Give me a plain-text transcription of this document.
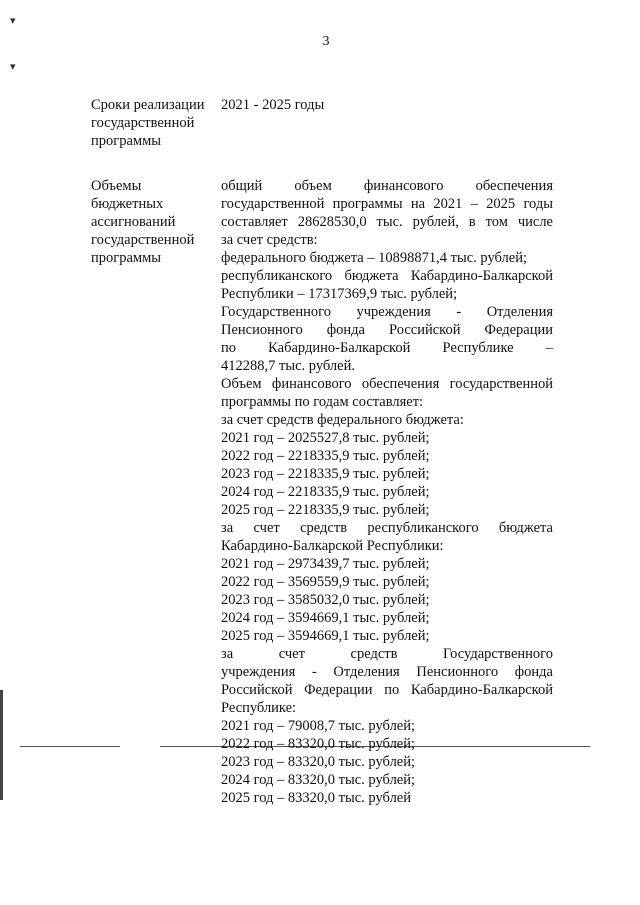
▾
▾
3
Сроки реализации
государственной
программы
2021 - 2025 годы
Объемы
бюджетных
ассигнований
государственной
программы
общий объем финансового обеспечения
государственной программы на 2021 – 2025 годы
составляет 28628530,0 тыс. рублей, в том числе
за счет средств:
федерального бюджета – 10898871,4 тыс. рублей;
республиканского бюджета Кабардино-Балкарской
Республики – 17317369,9 тыс. рублей;
Государственного учреждения - Отделения
Пенсионного фонда Российской Федерации
по Кабардино-Балкарской Республике –
412288,7 тыс. рублей.
Объем финансового обеспечения государственной
программы по годам составляет:
за счет средств федерального бюджета:
2021 год – 2025527,8 тыс. рублей;
2022 год – 2218335,9 тыс. рублей;
2023 год – 2218335,9 тыс. рублей;
2024 год – 2218335,9 тыс. рублей;
2025 год – 2218335,9 тыс. рублей;
за счет средств республиканского бюджета
Кабардино-Балкарской Республики:
2021 год – 2973439,7 тыс. рублей;
2022 год – 3569559,9 тыс. рублей;
2023 год – 3585032,0 тыс. рублей;
2024 год – 3594669,1 тыс. рублей;
2025 год – 3594669,1 тыс. рублей;
за счет средств Государственного
учреждения - Отделения Пенсионного фонда
Российской Федерации по Кабардино-Балкарской
Республике:
2021 год – 79008,7 тыс. рублей;
2022 год – 83320,0 тыс. рублей;
2023 год – 83320,0 тыс. рублей;
2024 год – 83320,0 тыс. рублей;
2025 год – 83320,0 тыс. рублей
